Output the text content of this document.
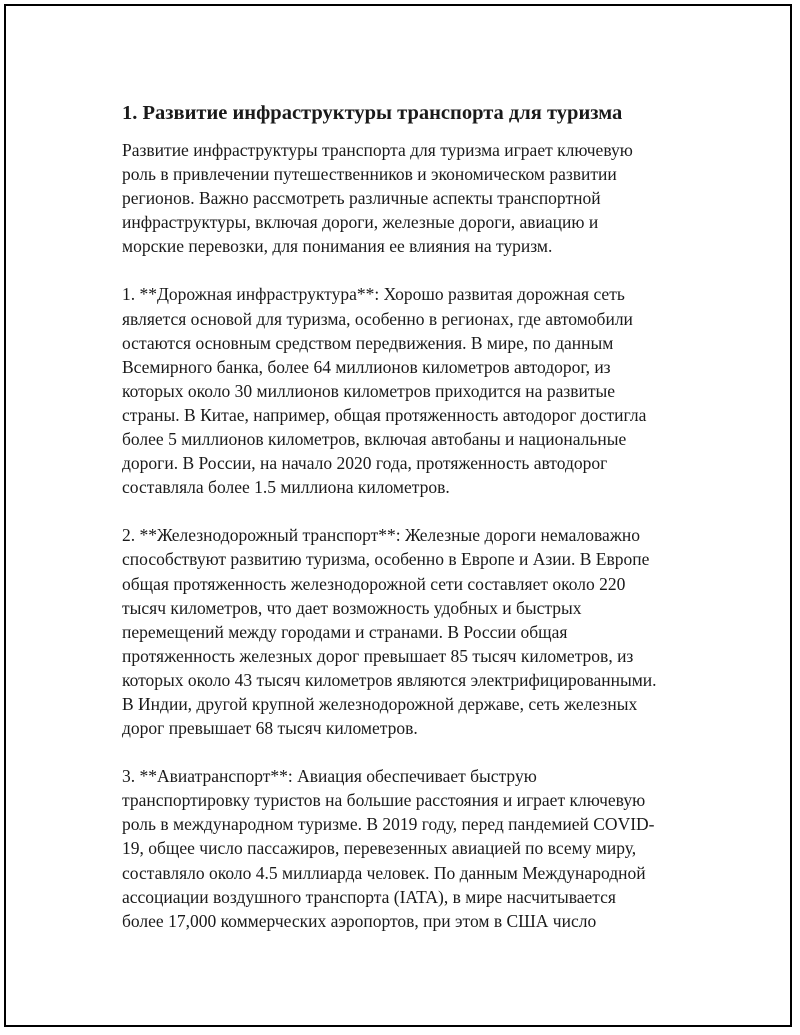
1. Развитие инфраструктуры транспорта для туризма

Развитие инфраструктуры транспорта для туризма играет ключевую
роль в привлечении путешественников и экономическом развитии
регионов. Важно рассмотреть различные аспекты транспортной
инфраструктуры, включая дороги, железные дороги, авиацию и
морские перевозки, для понимания ее влияния на туризм.

1. **Дорожная инфраструктура**: Хорошо развитая дорожная сеть
является основой для туризма, особенно в регионах, где автомобили
остаются основным средством передвижения. В мире, по данным
Всемирного банка, более 64 миллионов километров автодорог, из
которых около 30 миллионов километров приходится на развитые
страны. В Китае, например, общая протяженность автодорог достигла
более 5 миллионов километров, включая автобаны и национальные
дороги. В России, на начало 2020 года, протяженность автодорог
составляла более 1.5 миллиона километров.

2. **Железнодорожный транспорт**: Железные дороги немаловажно
способствуют развитию туризма, особенно в Европе и Азии. В Европе
общая протяженность железнодорожной сети составляет около 220
тысяч километров, что дает возможность удобных и быстрых
перемещений между городами и странами. В России общая
протяженность железных дорог превышает 85 тысяч километров, из
которых около 43 тысяч километров являются электрифицированными.
В Индии, другой крупной железнодорожной державе, сеть железных
дорог превышает 68 тысяч километров.

3. **Авиатранспорт**: Авиация обеспечивает быструю
транспортировку туристов на большие расстояния и играет ключевую
роль в международном туризме. В 2019 году, перед пандемией COVID-
19, общее число пассажиров, перевезенных авиацией по всему миру,
составляло около 4.5 миллиарда человек. По данным Международной
ассоциации воздушного транспорта (IATA), в мире насчитывается
более 17,000 коммерческих аэропортов, при этом в США число
